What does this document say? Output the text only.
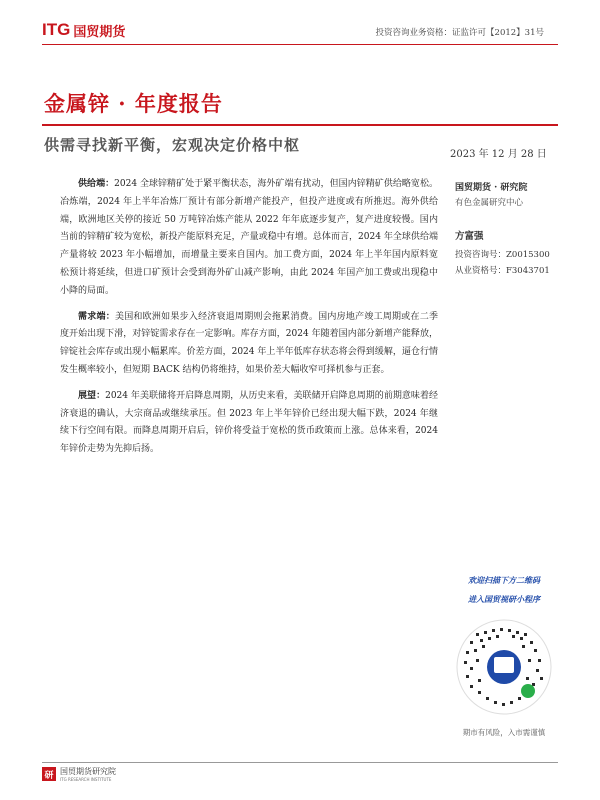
ITG 国贸期货	投资咨询业务资格：证监许可【2012】31号
金属锌 · 年度报告
供需寻找新平衡，宏观决定价格中枢
2023 年 12 月 28 日

供给端：2024 全球锌精矿处于紧平衡状态，海外矿端有扰动，但国内锌精矿供给略宽松。冶炼端，2024 年上半年冶炼厂预计有部分新增产能投产，但投产进度或有所推迟。海外供给端，欧洲地区关停的接近 50 万吨锌冶炼产能从 2022 年年底逐步复产，复产进度较慢。国内当前的锌精矿较为宽松，新投产能原料充足，产量或稳中有增。总体而言，2024 年全球供给端产量将较 2023 年小幅增加，而增量主要来自国内。加工费方面，2024 年上半年国内原料宽松预计将延续，但进口矿预计会受到海外矿山减产影响，由此 2024 年国产加工费或出现稳中小降的局面。

需求端：美国和欧洲如果步入经济衰退周期则会拖累消费。国内房地产竣工周期或在二季度开始出现下滑，对锌锭需求存在一定影响。库存方面，2024 年随着国内部分新增产能释放，锌锭社会库存或出现小幅累库。价差方面，2024 年上半年低库存状态将会得到缓解，逼仓行情发生概率较小，但短期 BACK 结构仍将维持，如果价差大幅收窄可择机参与正套。

展望：2024 年美联储将开启降息周期，从历史来看，美联储开启降息周期的前期意味着经济衰退的确认，大宗商品或继续承压。但 2023 年上半年锌价已经出现大幅下跌，2024 年继续下行空间有限。而降息周期开启后，锌价将受益于宽松的货币政策而上涨。总体来看，2024 年锌价走势为先抑后扬。

国贸期货 · 研究院
有色金属研究中心
方富强
投资咨询号：Z0015300
从业资格号：F3043701
欢迎扫描下方二维码
进入国贸视研小程序
期市有风险，入市需谨慎
研 国贸期货研究院
ITG RESEARCH INSTITUTE
